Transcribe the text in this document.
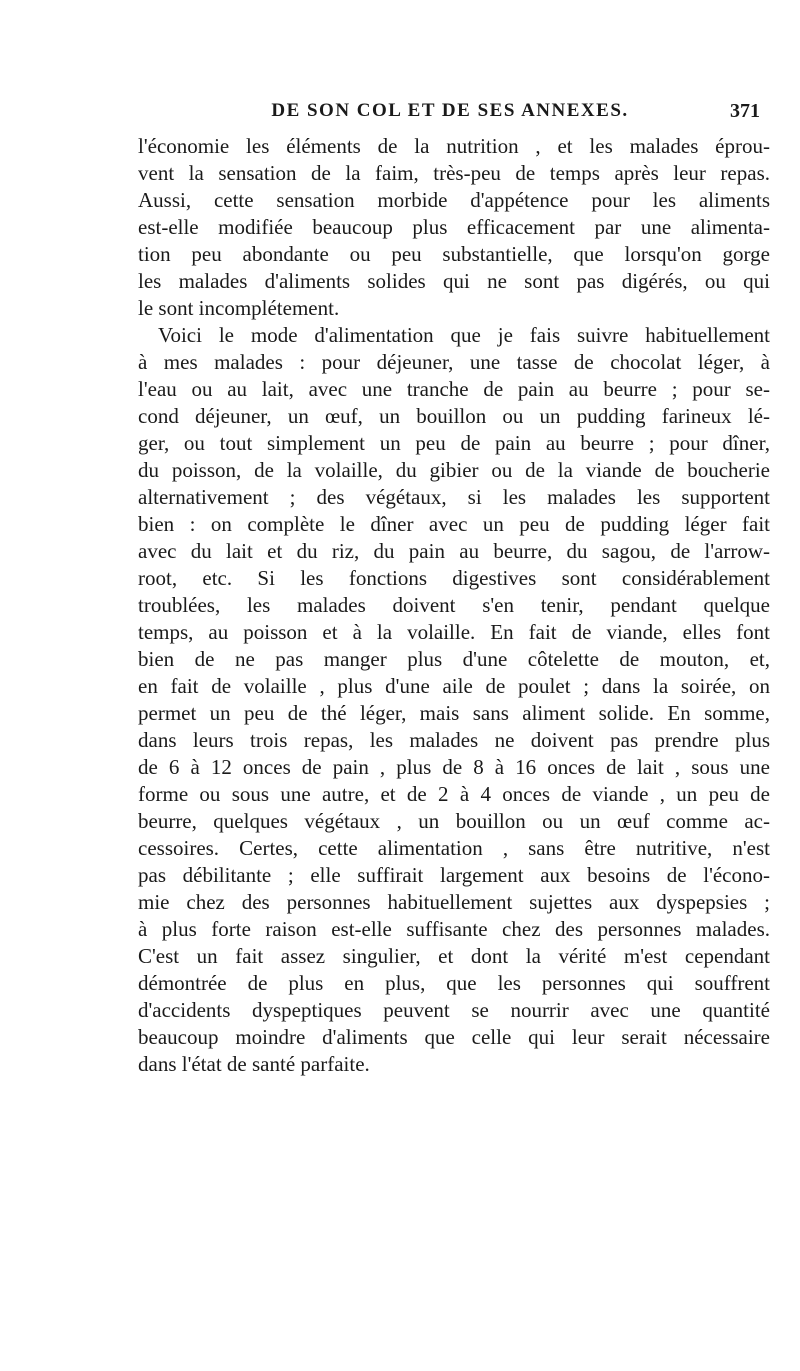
DE SON COL ET DE SES ANNEXES.	371
l'économie les éléments de la nutrition , et les malades éprou-
vent la sensation de la faim, très-peu de temps après leur repas.
Aussi, cette sensation morbide d'appétence pour les aliments
est-elle modifiée beaucoup plus efficacement par une alimenta-
tion peu abondante ou peu substantielle, que lorsqu'on gorge
les malades d'aliments solides qui ne sont pas digérés, ou qui
le sont incomplétement.
Voici le mode d'alimentation que je fais suivre habituellement
à mes malades : pour déjeuner, une tasse de chocolat léger, à
l'eau ou au lait, avec une tranche de pain au beurre ; pour se-
cond déjeuner, un œuf, un bouillon ou un pudding farineux lé-
ger, ou tout simplement un peu de pain au beurre ; pour dîner,
du poisson, de la volaille, du gibier ou de la viande de boucherie
alternativement ; des végétaux, si les malades les supportent
bien : on complète le dîner avec un peu de pudding léger fait
avec du lait et du riz, du pain au beurre, du sagou, de l'arrow-
root, etc. Si les fonctions digestives sont considérablement
troublées, les malades doivent s'en tenir, pendant quelque
temps, au poisson et à la volaille. En fait de viande, elles font
bien de ne pas manger plus d'une côtelette de mouton, et,
en fait de volaille , plus d'une aile de poulet ; dans la soirée, on
permet un peu de thé léger, mais sans aliment solide. En somme,
dans leurs trois repas, les malades ne doivent pas prendre plus
de 6 à 12 onces de pain , plus de 8 à 16 onces de lait , sous une
forme ou sous une autre, et de 2 à 4 onces de viande , un peu de
beurre, quelques végétaux , un bouillon ou un œuf comme ac-
cessoires. Certes, cette alimentation , sans être nutritive, n'est
pas débilitante ; elle suffirait largement aux besoins de l'écono-
mie chez des personnes habituellement sujettes aux dyspepsies ;
à plus forte raison est-elle suffisante chez des personnes malades.
C'est un fait assez singulier, et dont la vérité m'est cependant
démontrée de plus en plus, que les personnes qui souffrent
d'accidents dyspeptiques peuvent se nourrir avec une quantité
beaucoup moindre d'aliments que celle qui leur serait nécessaire
dans l'état de santé parfaite.
